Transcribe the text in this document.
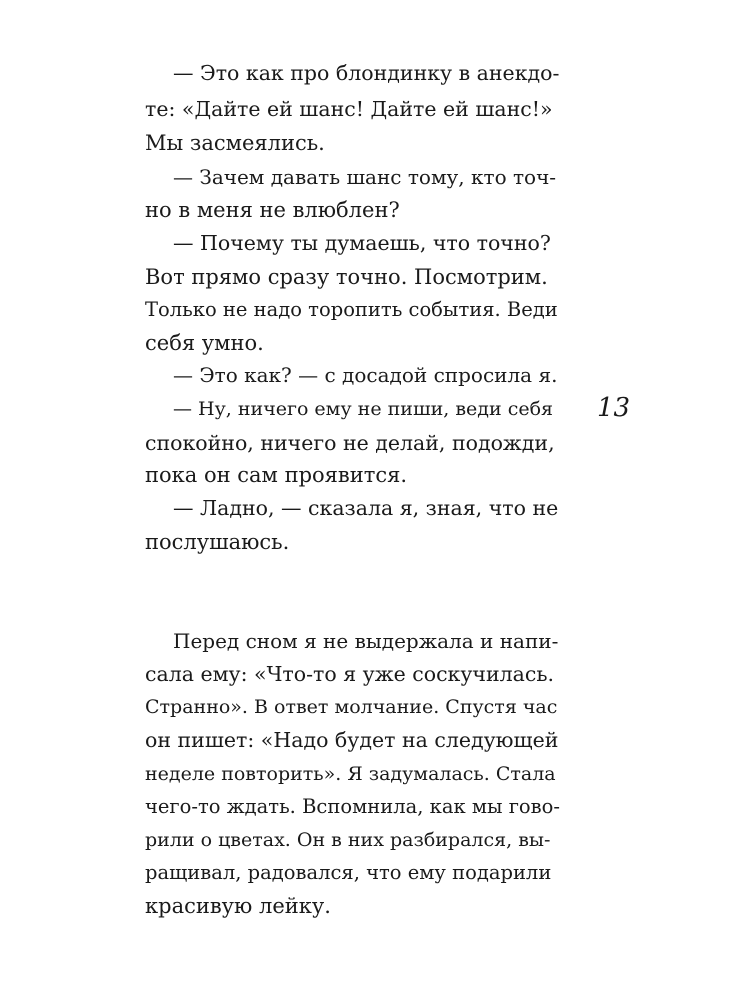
— Это как про блондинку в анекдо-
те: «Дайте ей шанс! Дайте ей шанс!»
Мы засмеялись.
— Зачем давать шанс тому, кто точ-
но в меня не влюблен?
— Почему ты думаешь, что точно?
Вот прямо сразу точно. Посмотрим.
Только не надо торопить события. Веди
себя умно.
— Это как? — с досадой спросила я.
— Ну, ничего ему не пиши, веди себя
спокойно, ничего не делай, подожди,
пока он сам проявится.
— Ладно, — сказала я, зная, что не
послушаюсь.
13
Перед сном я не выдержала и напи-
сала ему: «Что-то я уже соскучилась.
Странно». В ответ молчание. Спустя час
он пишет: «Надо будет на следующей
неделе повторить». Я задумалась. Стала
чего-то ждать. Вспомнила, как мы гово-
рили о цветах. Он в них разбирался, вы-
ращивал, радовался, что ему подарили
красивую лейку.
